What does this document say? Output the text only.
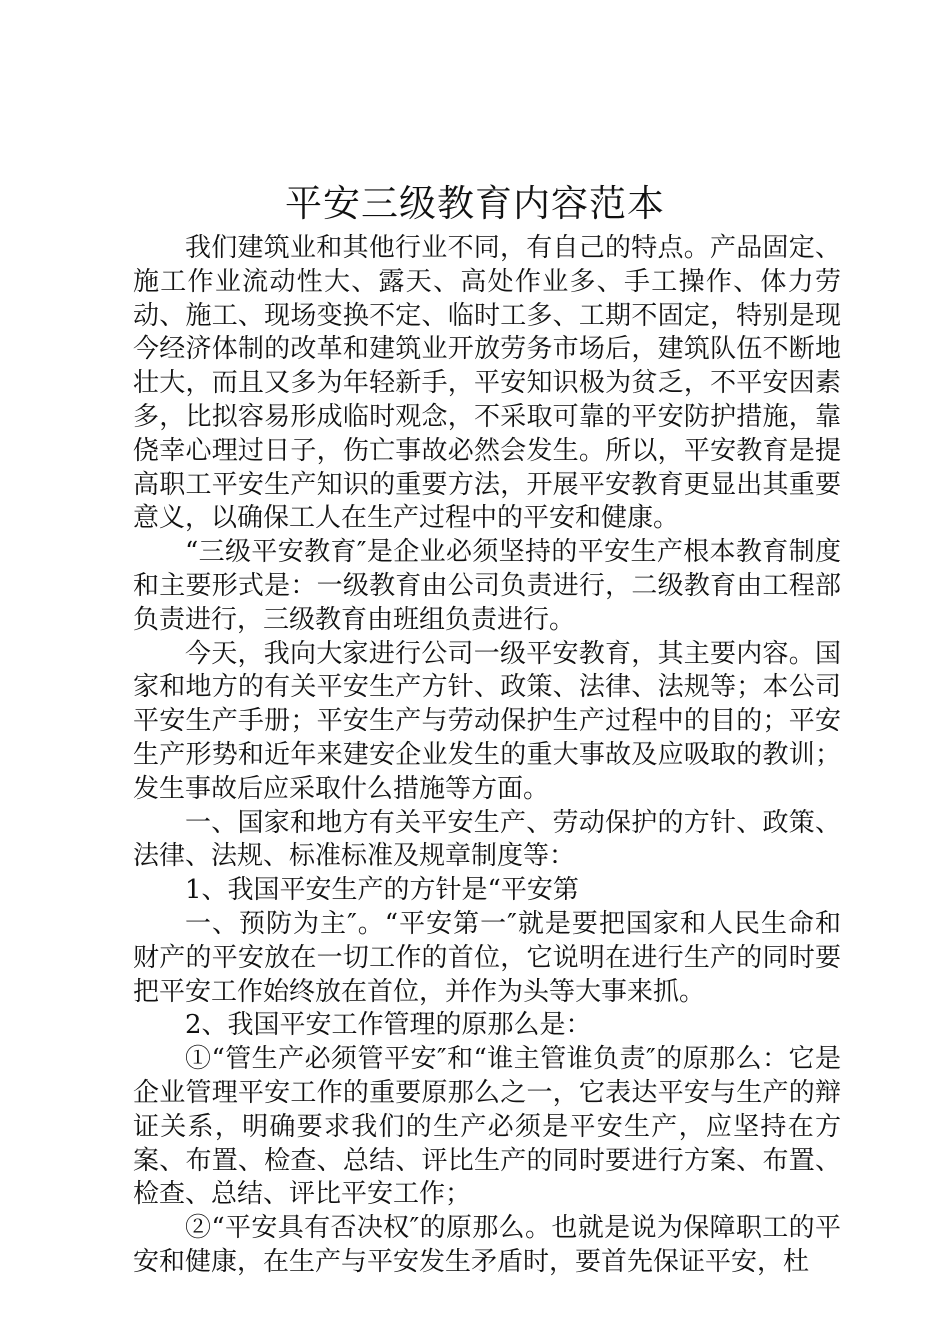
平安三级教育内容范本

我们建筑业和其他行业不同，有自己的特点。产品固定、施工作业流动性大、露天、高处作业多、手工操作、体力劳动、施工、现场变换不定、临时工多、工期不固定，特别是现今经济体制的改革和建筑业开放劳务市场后，建筑队伍不断地壮大，而且又多为年轻新手，平安知识极为贫乏，不平安因素多，比拟容易形成临时观念，不采取可靠的平安防护措施，靠侥幸心理过日子，伤亡事故必然会发生。所以，平安教育是提高职工平安生产知识的重要方法，开展平安教育更显出其重要意义，以确保工人在生产过程中的平安和健康。

“三级平安教育″是企业必须坚持的平安生产根本教育制度和主要形式是：一级教育由公司负责进行，二级教育由工程部负责进行，三级教育由班组负责进行。

今天，我向大家进行公司一级平安教育，其主要内容。国家和地方的有关平安生产方针、政策、法律、法规等；本公司平安生产手册；平安生产与劳动保护生产过程中的目的；平安生产形势和近年来建安企业发生的重大事故及应吸取的教训；发生事故后应采取什么措施等方面。

一、国家和地方有关平安生产、劳动保护的方针、政策、法律、法规、标准标准及规章制度等：

1、我国平安生产的方针是“平安第

一、预防为主″。“平安第一″就是要把国家和人民生命和财产的平安放在一切工作的首位，它说明在进行生产的同时要把平安工作始终放在首位，并作为头等大事来抓。

2、我国平安工作管理的原那么是：

①“管生产必须管平安″和“谁主管谁负责″的原那么：它是企业管理平安工作的重要原那么之一，它表达平安与生产的辩证关系，明确要求我们的生产必须是平安生产，应坚持在方案、布置、检查、总结、评比生产的同时要进行方案、布置、检查、总结、评比平安工作；

②“平安具有否决权″的原那么。也就是说为保障职工的平安和健康，在生产与平安发生矛盾时，要首先保证平安，杜
